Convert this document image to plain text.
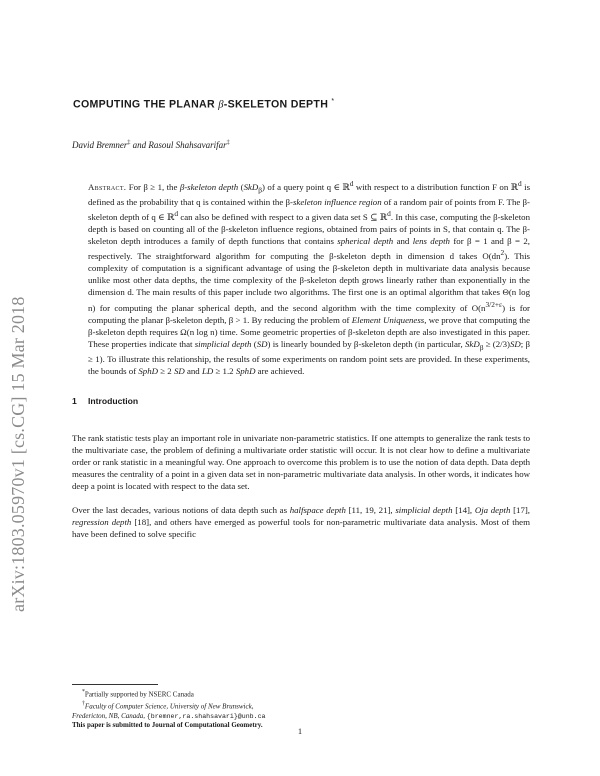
arXiv:1803.05970v1 [cs.CG] 15 Mar 2018
COMPUTING THE PLANAR β-SKELETON DEPTH *
David Bremner‡ and Rasoul Shahsavarifar‡

Abstract. For β ≥ 1, the β-skeleton depth (SkD$_\beta$) of a query point q ∈ ℝ$^d$ with respect to a distribution function F on ℝ$^d$ is defined as the probability that q is contained within the β-skeleton influence region of a random pair of points from F. The β-skeleton depth of q ∈ ℝ$^d$ can also be defined with respect to a given data set S ⊆ ℝ$^d$. In this case, computing the β-skeleton depth is based on counting all of the β-skeleton influence regions, obtained from pairs of points in S, that contain q. The β-skeleton depth introduces a family of depth functions that contains spherical depth and lens depth for β = 1 and β = 2, respectively. The straightforward algorithm for computing the β-skeleton depth in dimension d takes $O(dn^2)$. This complexity of computation is a significant advantage of using the β-skeleton depth in multivariate data analysis because unlike most other data depths, the time complexity of the β-skeleton depth grows linearly rather than exponentially in the dimension d. The main results of this paper include two algorithms. The first one is an optimal algorithm that takes Θ(n log n) for computing the planar spherical depth, and the second algorithm with the time complexity of $O(n^{3/2+\varepsilon})$ is for computing the planar β-skeleton depth, β > 1. By reducing the problem of Element Uniqueness, we prove that computing the β-skeleton depth requires Ω(n log n) time. Some geometric properties of β-skeleton depth are also investigated in this paper. These properties indicate that simplicial depth (SD) is linearly bounded by β-skeleton depth (in particular, SkD$_\beta$ ≥ (2/3)SD; β ≥ 1). To illustrate this relationship, the results of some experiments on random point sets are provided. In these experiments, the bounds of SphD ≥ 2 SD and LD ≥ 1.2 SphD are achieved.

1 Introduction

The rank statistic tests play an important role in univariate non-parametric statistics. If one attempts to generalize the rank tests to the multivariate case, the problem of defining a multivariate order statistic will occur. It is not clear how to define a multivariate order or rank statistic in a meaningful way. One approach to overcome this problem is to use the notion of data depth. Data depth measures the centrality of a point in a given data set in non-parametric multivariate data analysis. In other words, it indicates how deep a point is located with respect to the data set.

Over the last decades, various notions of data depth such as halfspace depth [11, 19, 21], simplicial depth [14], Oja depth [17], regression depth [18], and others have emerged as powerful tools for non-parametric multivariate data analysis. Most of them have been defined to solve specific

*Partially supported by NSERC Canada

†Faculty of Computer Science, University of New Brunswick,

Fredericton, NB, Canada, {bremner,ra.shahsavari}@unb.ca

This paper is submitted to Journal of Computational Geometry.

1
